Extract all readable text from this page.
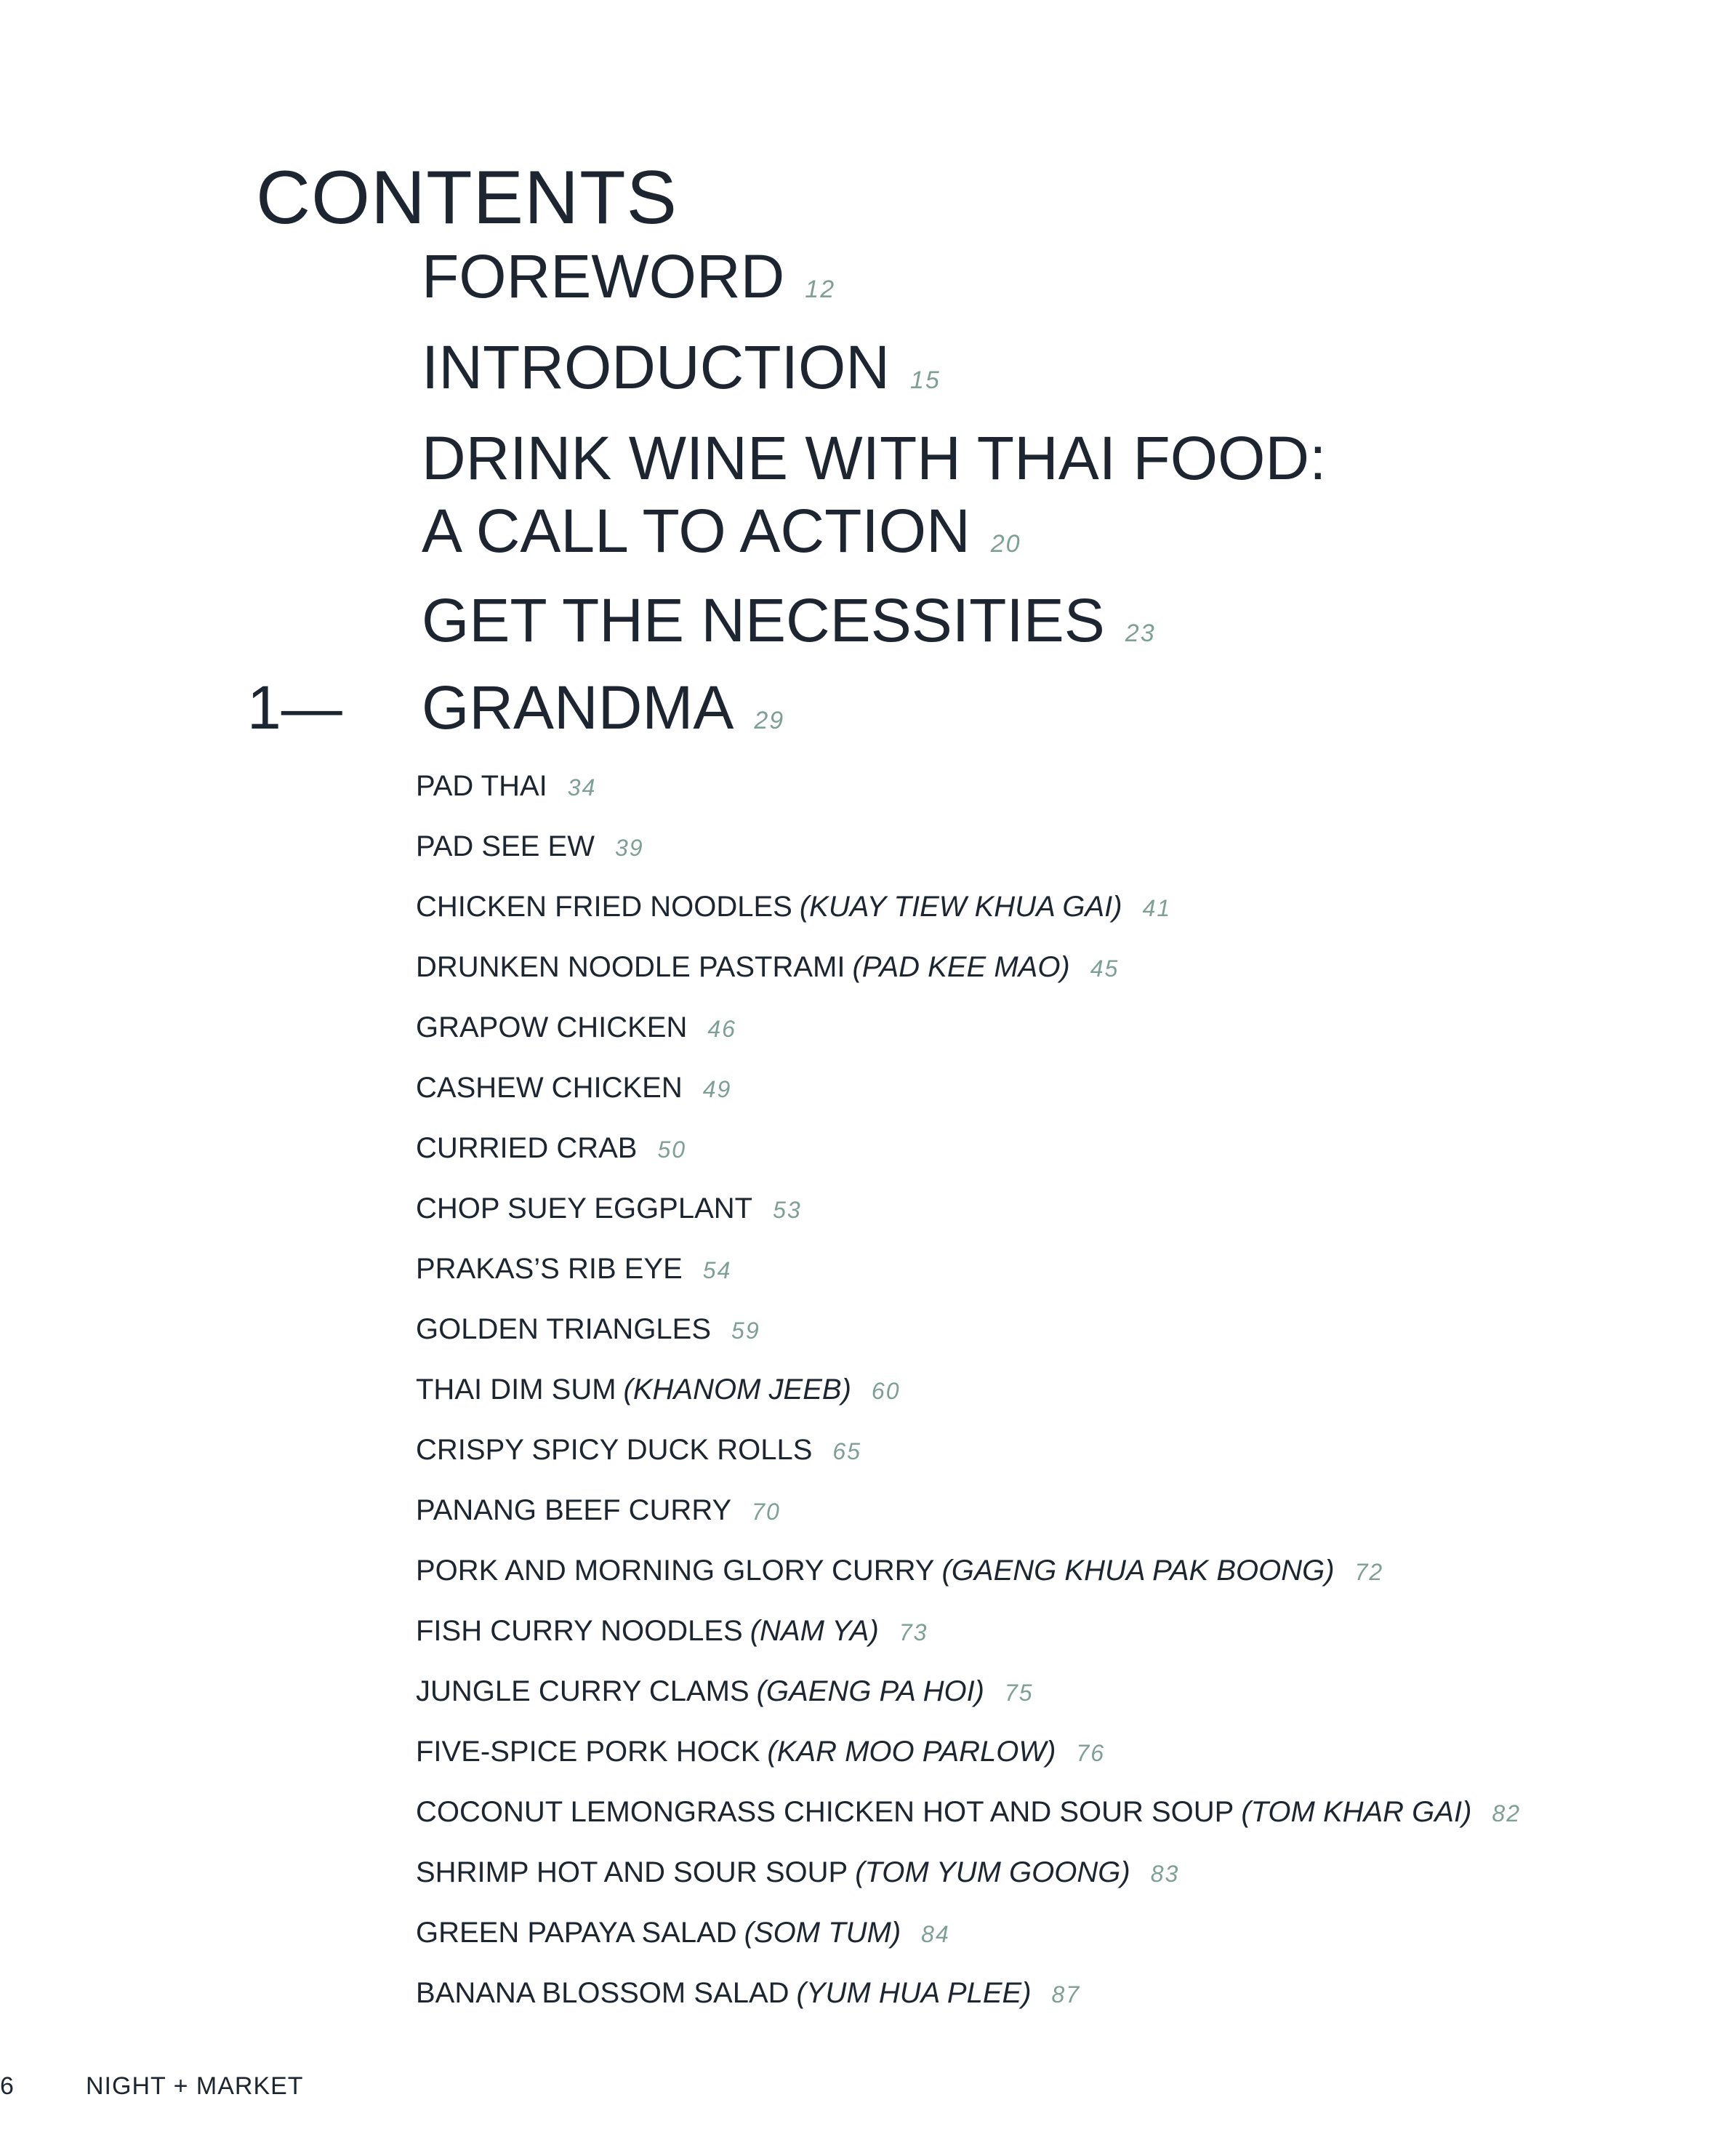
CONTENTS
FOREWORD 12
INTRODUCTION 15
DRINK WINE WITH THAI FOOD:
A CALL TO ACTION 20
GET THE NECESSITIES 23
GRANDMA 29
1—
PAD THAI 34
PAD SEE EW 39
CHICKEN FRIED NOODLES (KUAY TIEW KHUA GAI) 41
DRUNKEN NOODLE PASTRAMI (PAD KEE MAO) 45
GRAPOW CHICKEN 46
CASHEW CHICKEN 49
CURRIED CRAB 50
CHOP SUEY EGGPLANT 53
PRAKAS’S RIB EYE 54
GOLDEN TRIANGLES 59
THAI DIM SUM (KHANOM JEEB) 60
CRISPY SPICY DUCK ROLLS 65
PANANG BEEF CURRY 70
PORK AND MORNING GLORY CURRY (GAENG KHUA PAK BOONG) 72
FISH CURRY NOODLES (NAM YA) 73
JUNGLE CURRY CLAMS (GAENG PA HOI) 75
FIVE-SPICE PORK HOCK (KAR MOO PARLOW) 76
COCONUT LEMONGRASS CHICKEN HOT AND SOUR SOUP (TOM KHAR GAI) 82
SHRIMP HOT AND SOUR SOUP (TOM YUM GOONG) 83
GREEN PAPAYA SALAD (SOM TUM) 84
BANANA BLOSSOM SALAD (YUM HUA PLEE) 87
6	NIGHT + MARKET
